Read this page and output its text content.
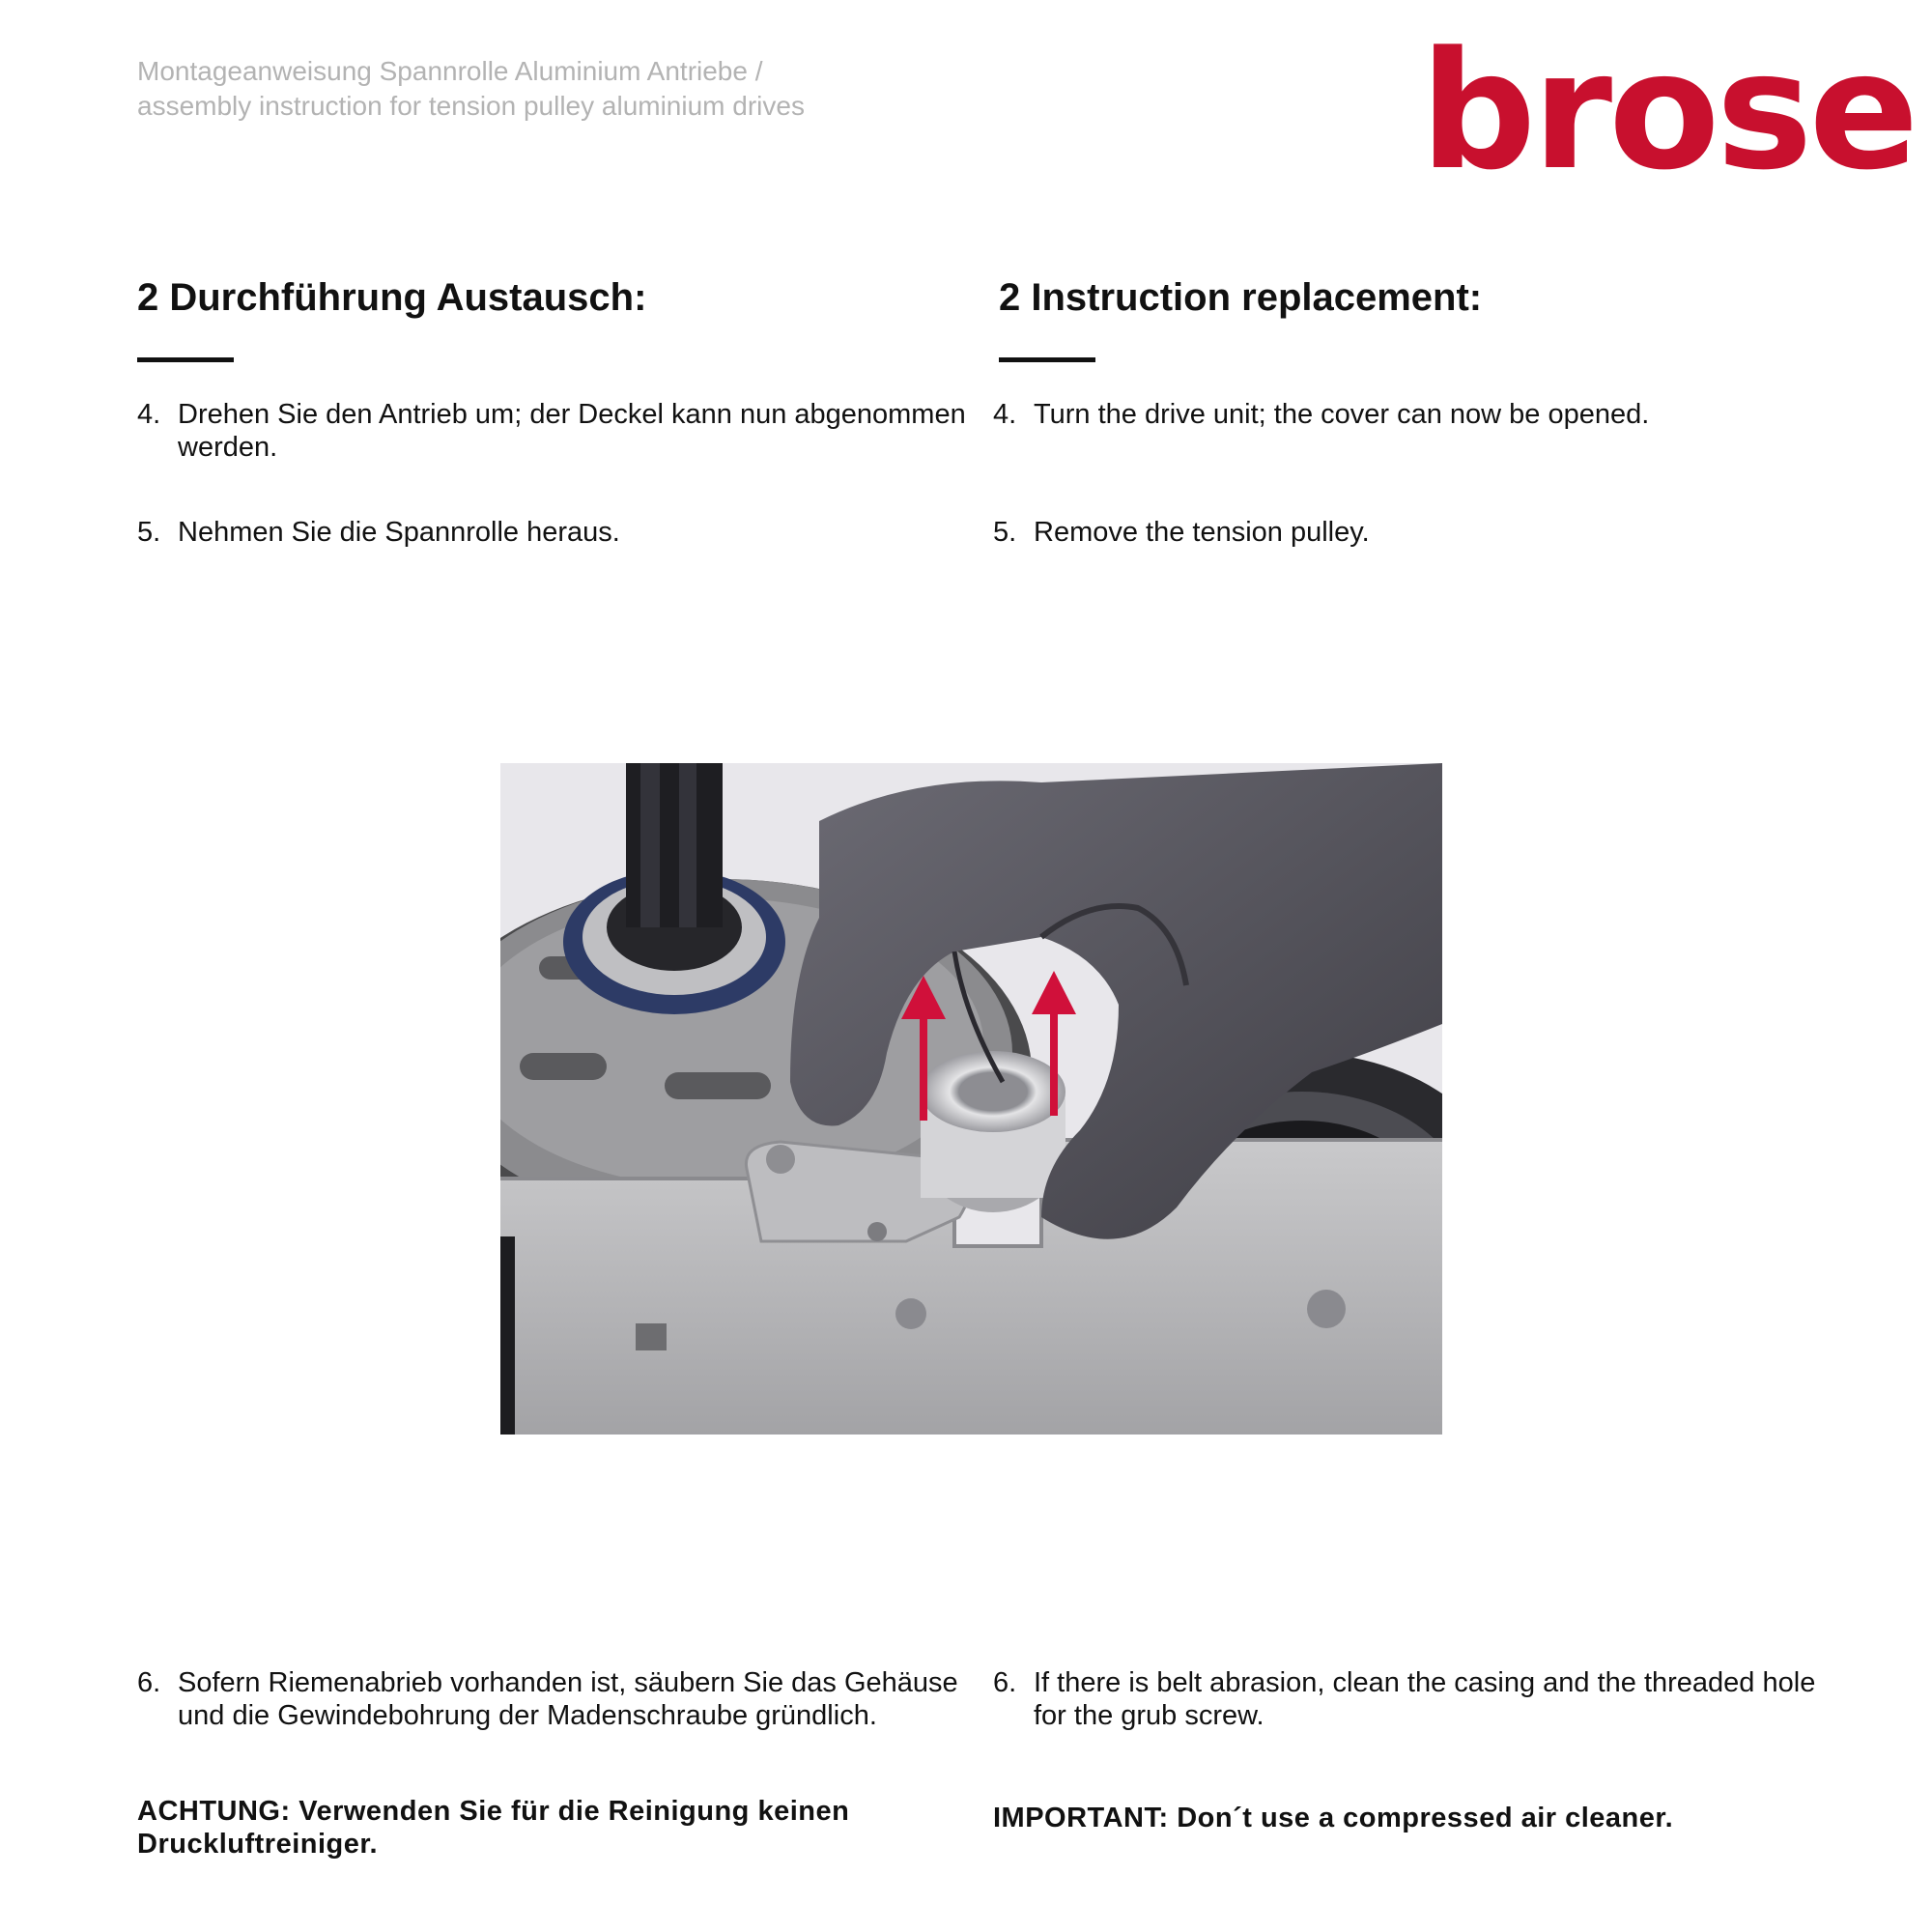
Montageanweisung Spannrolle Aluminium Antriebe /
assembly instruction for tension pulley aluminium drives	brose
2 Durchführung Austausch:
4. Drehen Sie den Antrieb um; der Deckel kann nun abgenommen werden.
5. Nehmen Sie die Spannrolle heraus.
6. Sofern Riemenabrieb vorhanden ist, säubern Sie das Gehäuse und die Gewindebohrung der Madenschraube gründlich.
ACHTUNG: Verwenden Sie für die Reinigung keinen Druckluftreiniger.
2 Instruction replacement:
4. Turn the drive unit; the cover can now be opened.
5. Remove the tension pulley.
6. If there is belt abrasion, clean the casing and the threaded hole for the grub screw.
IMPORTANT: Don´t use a compressed air cleaner.
